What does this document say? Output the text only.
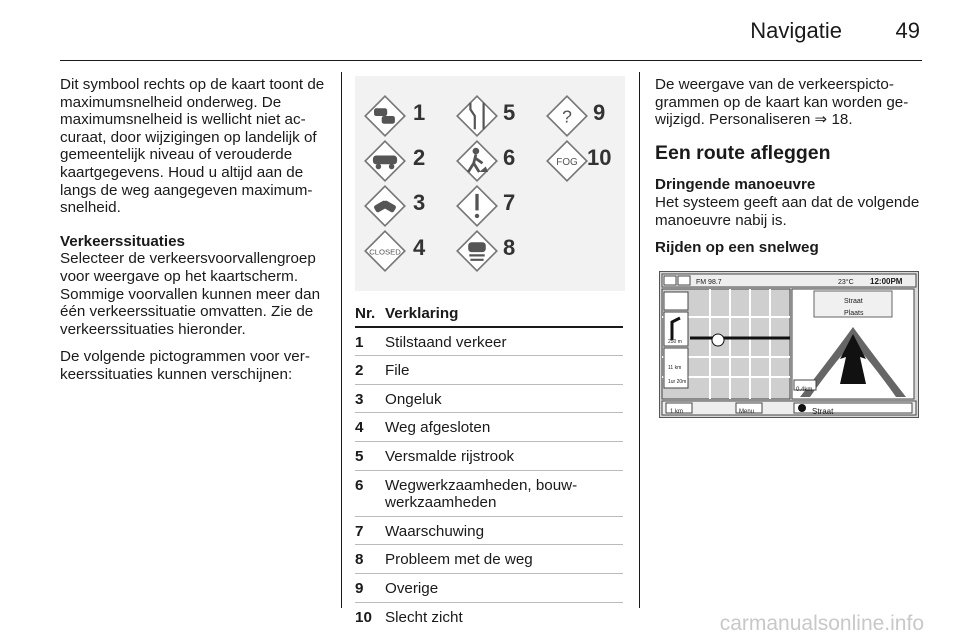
Navigatie 49

Dit symbool rechts op de kaart toont de maximumsnelheid onderweg. De maximumsnelheid is wellicht niet accuraat, door wijzigingen op landelijk of gemeentelijk niveau of verouderde kaartgegevens. Houd u altijd aan de langs de weg aangegeven maximumsnelheid.

Verkeerssituaties

Selecteer de verkeersvoorvallengroep voor weergave op het kaartscherm. Sommige voorvallen kunnen meer dan één verkeerssituatie omvatten. Zie de verkeerssituaties hieronder.

De volgende pictogrammen voor verkeerssituaties kunnen verschijnen:

1
2
3
CLOSED 4
5
6
7
8
? 9
FOG 10
Nr.	Verklaring
1	Stilstaand verkeer
2	File
3	Ongeluk
4	Weg afgesloten
5	Versmalde rijstrook
6	Wegwerkzaamheden, bouwwerkzaamheden
7	Waarschuwing
8	Probleem met de weg
9	Overige
10	Slecht zicht

De weergave van de verkeerspictogrammen op de kaart kan worden gewijzigd. Personaliseren ⇒ 18.

Een route afleggen

Dringende manoeuvre

Het systeem geeft aan dat de volgende manoeuvre nabij is.

Rijden op een snelweg

FM 98.7	23°C 12:00PM
Straat
Plaats
0.4km
250 m
11 km
1ur 20m
1 km	Menu	Straat
carmanualsonline.info
